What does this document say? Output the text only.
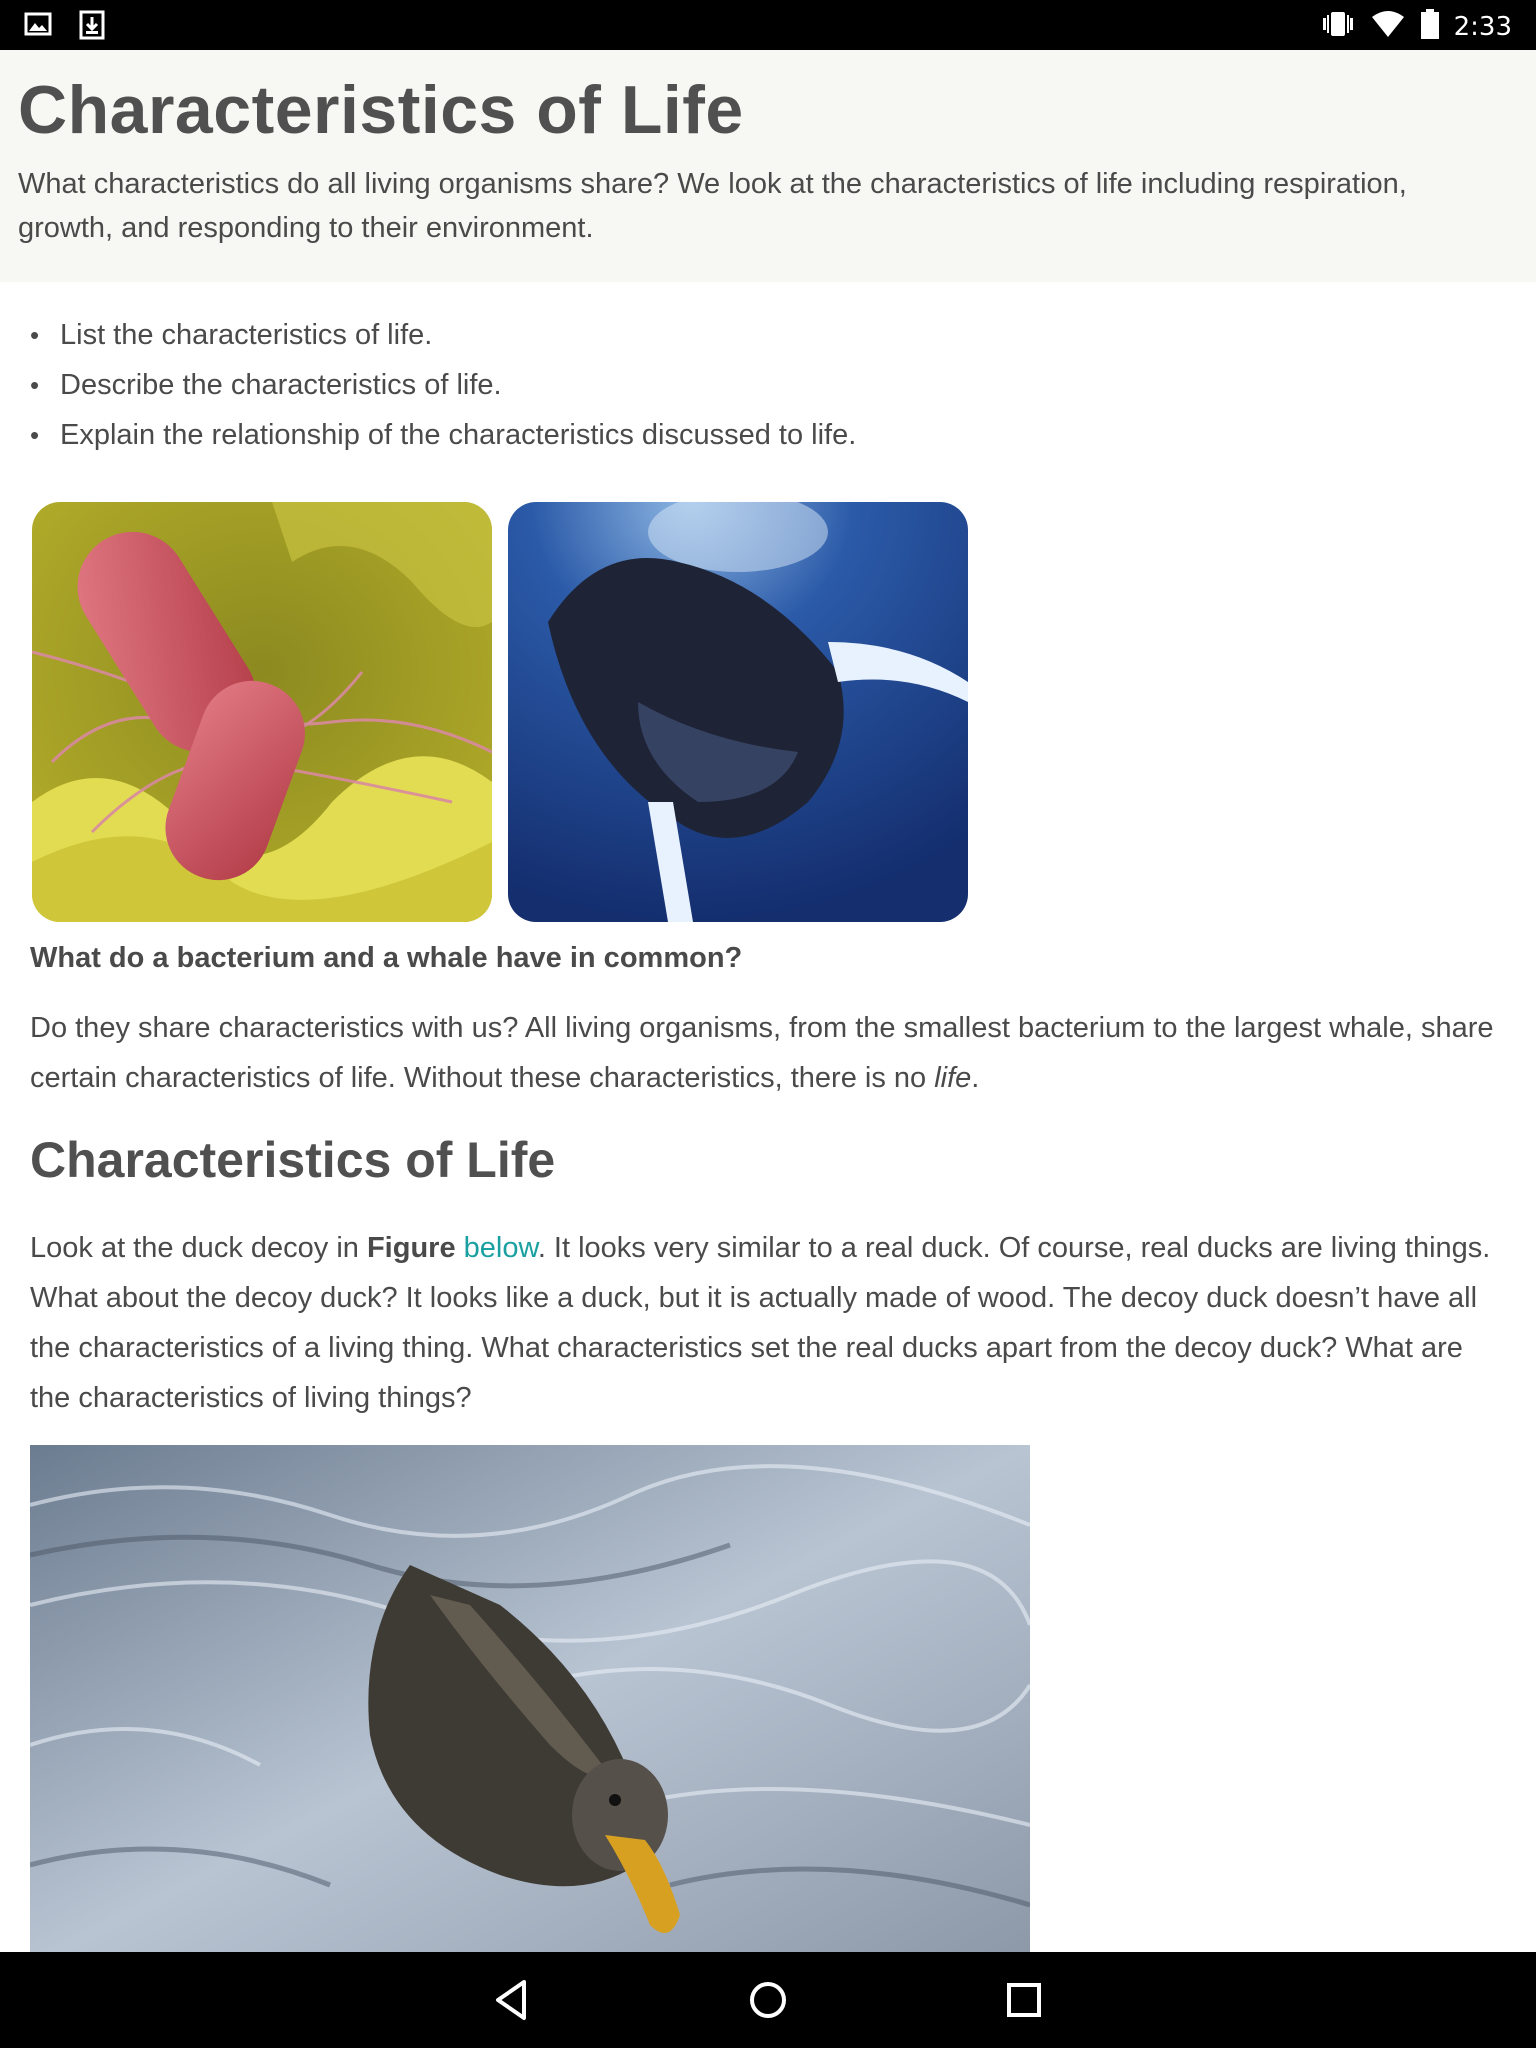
2:33
Characteristics of Life

What characteristics do all living organisms share? We look at the characteristics of life including respiration, growth, and responding to their environment.

• List the characteristics of life.
• Describe the characteristics of life.
• Explain the relationship of the characteristics discussed to life.
What do a bacterium and a whale have in common?

Do they share characteristics with us? All living organisms, from the smallest bacterium to the largest whale, share certain characteristics of life. Without these characteristics, there is no life.

Characteristics of Life

Look at the duck decoy in Figure below. It looks very similar to a real duck. Of course, real ducks are living things. What about the decoy duck? It looks like a duck, but it is actually made of wood. The decoy duck doesn’t have all the characteristics of a living thing. What characteristics set the real ducks apart from the decoy duck? What are the characteristics of living things?
